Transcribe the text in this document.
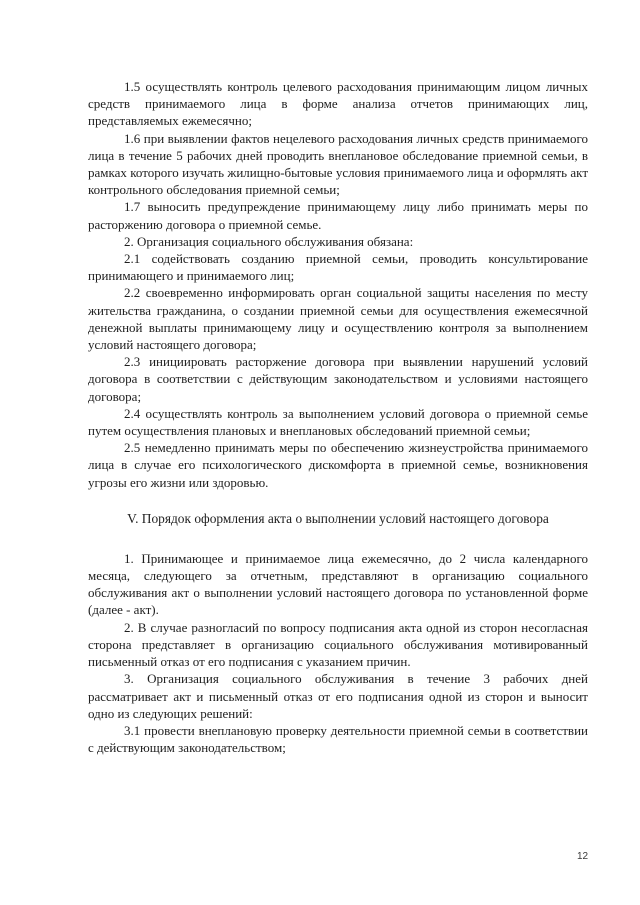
1.5 осуществлять контроль целевого расходования принимающим лицом личных средств принимаемого лица в форме анализа отчетов принимающих лиц, представляемых ежемесячно;

1.6 при выявлении фактов нецелевого расходования личных средств принимаемого лица в течение 5 рабочих дней проводить внеплановое обследование приемной семьи, в рамках которого изучать жилищно-бытовые условия принимаемого лица и оформлять акт контрольного обследования приемной семьи;

1.7 выносить предупреждение принимающему лицу либо принимать меры по расторжению договора о приемной семье.

2. Организация социального обслуживания обязана:

2.1 содействовать созданию приемной семьи, проводить консультирование принимающего и принимаемого лиц;

2.2 своевременно информировать орган социальной защиты населения по месту жительства гражданина, о создании приемной семьи для осуществления ежемесячной денежной выплаты принимающему лицу и осуществлению контроля за выполнением условий настоящего договора;

2.3 инициировать расторжение договора при выявлении нарушений условий договора в соответствии с действующим законодательством и условиями настоящего договора;

2.4 осуществлять контроль за выполнением условий договора о приемной семье путем осуществления плановых и внеплановых обследований приемной семьи;

2.5 немедленно принимать меры по обеспечению жизнеустройства принимаемого лица в случае его психологического дискомфорта в приемной семье, возникновения угрозы его жизни или здоровью.

V. Порядок оформления акта о выполнении условий настоящего договора

1. Принимающее и принимаемое лица ежемесячно, до 2 числа календарного месяца, следующего за отчетным, представляют в организацию социального обслуживания акт о выполнении условий настоящего договора по установленной форме (далее - акт).

2. В случае разногласий по вопросу подписания акта одной из сторон несогласная сторона представляет в организацию социального обслуживания мотивированный письменный отказ от его подписания с указанием причин.

3. Организация социального обслуживания в течение 3 рабочих дней рассматривает акт и письменный отказ от его подписания одной из сторон и выносит одно из следующих решений:

3.1 провести внеплановую проверку деятельности приемной семьи в соответствии с действующим законодательством;

12
